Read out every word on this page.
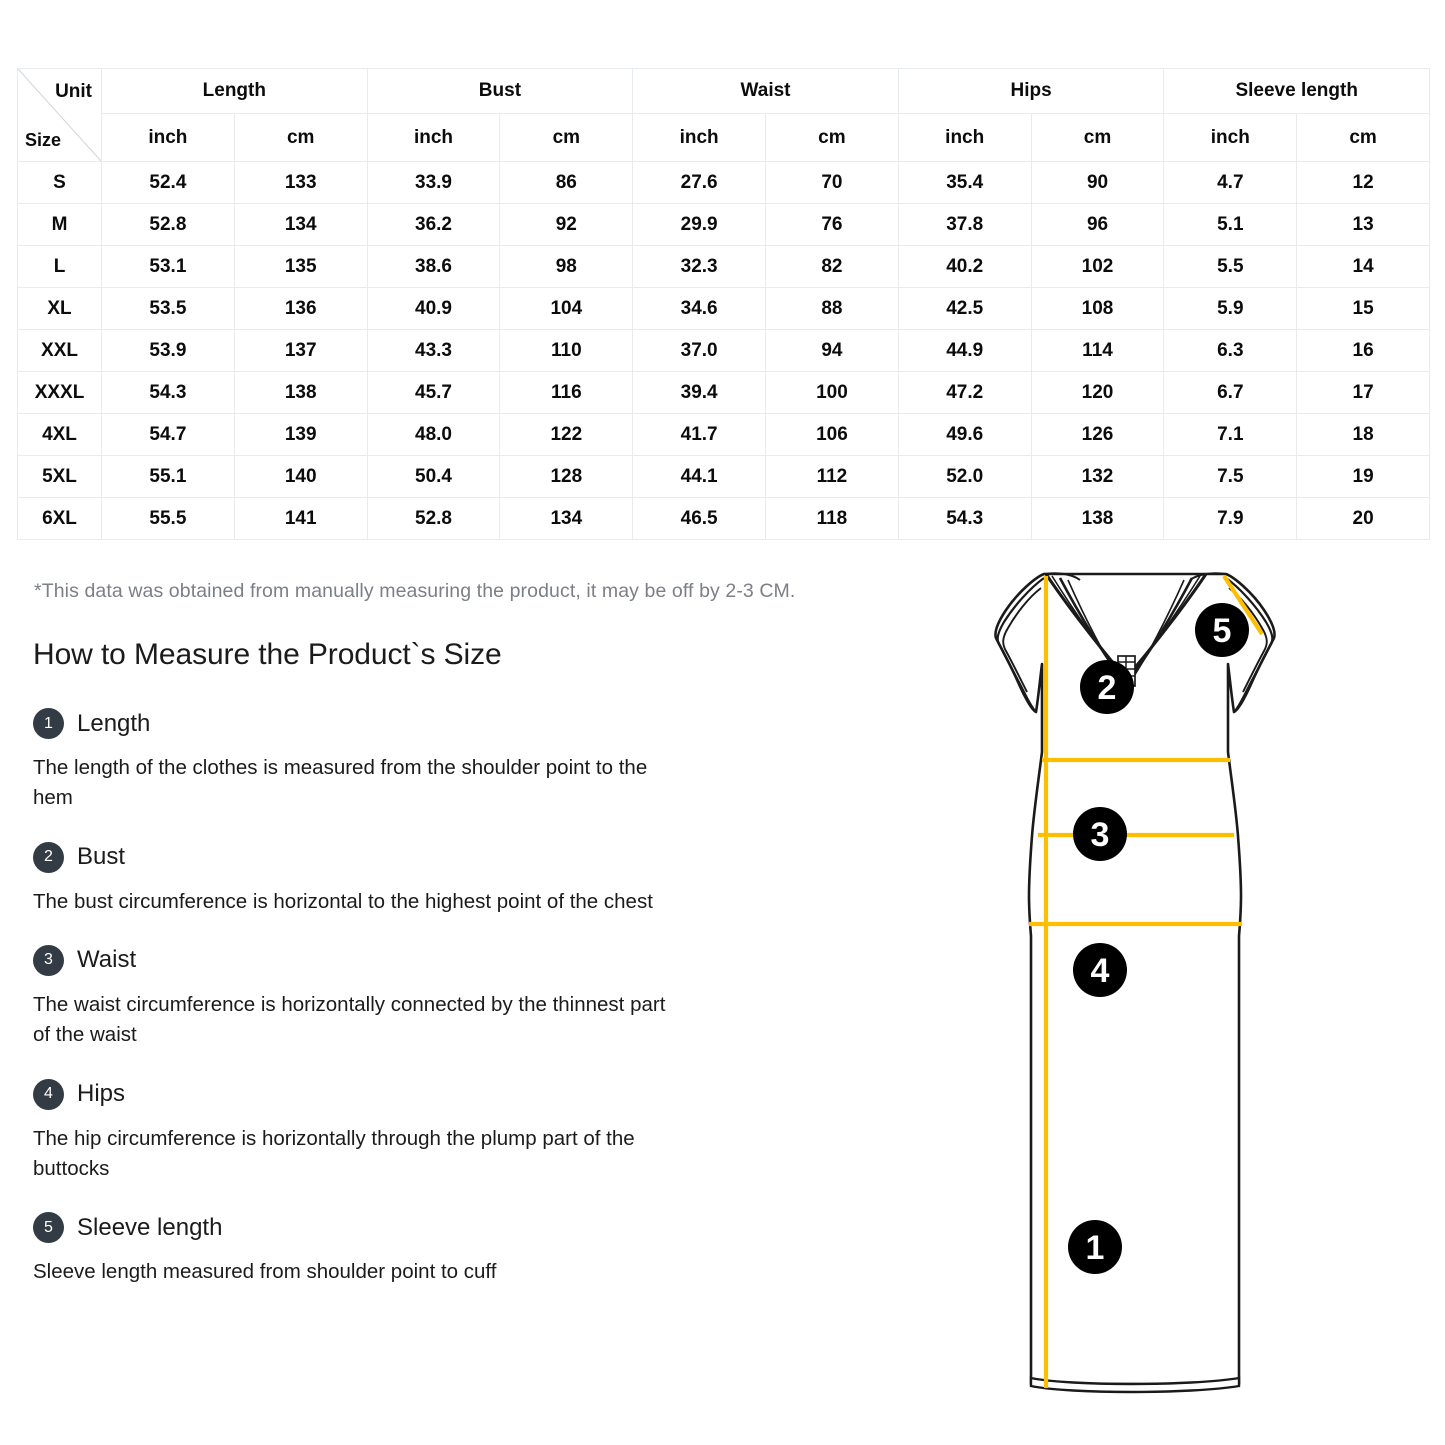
Unit
Size	Length		Bust		Waist		Hips		Sleeve length	
	inch	cm	inch	cm	inch	cm	inch	cm	inch	cm
S	52.4	133	33.9	86	27.6	70	35.4	90	4.7	12
M	52.8	134	36.2	92	29.9	76	37.8	96	5.1	13
L	53.1	135	38.6	98	32.3	82	40.2	102	5.5	14
XL	53.5	136	40.9	104	34.6	88	42.5	108	5.9	15
XXL	53.9	137	43.3	110	37.0	94	44.9	114	6.3	16
XXXL	54.3	138	45.7	116	39.4	100	47.2	120	6.7	17
4XL	54.7	139	48.0	122	41.7	106	49.6	126	7.1	18
5XL	55.1	140	50.4	128	44.1	112	52.0	132	7.5	19
6XL	55.5	141	52.8	134	46.5	118	54.3	138	7.9	20
*This data was obtained from manually measuring the product, it may be off by 2-3 CM.
How to Measure the Product`s Size
1	Length
The length of the clothes is measured from the shoulder point to the hem
2	Bust
The bust circumference is horizontal to the highest point of the chest
3	Waist
The waist circumference is horizontally connected by the thinnest part of the waist
4	Hips
The hip circumference is horizontally through the plump part of the buttocks
5	Sleeve length
Sleeve length measured from shoulder point to cuff
5
2
3
4
1
